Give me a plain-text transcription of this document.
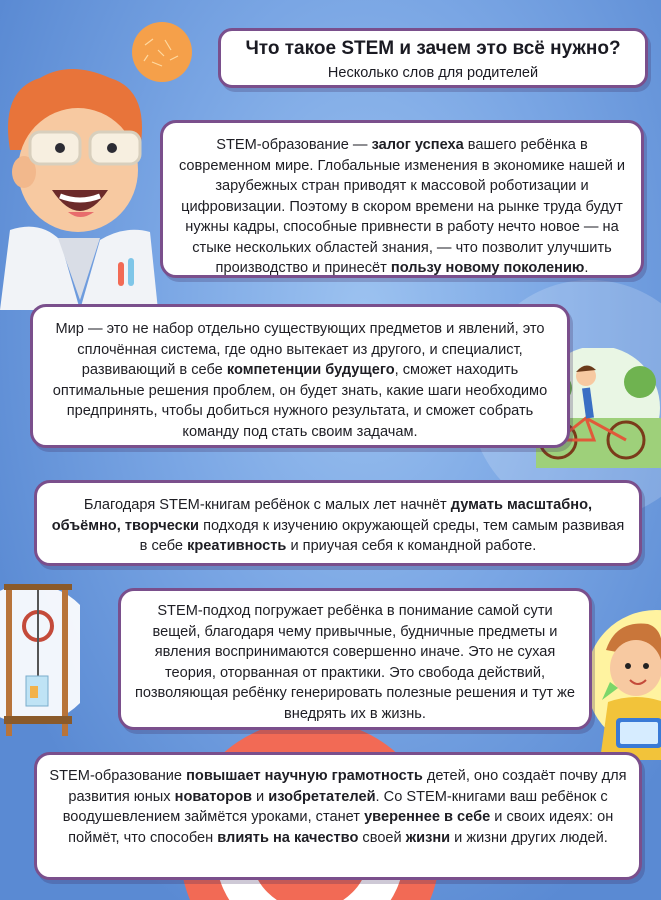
Что такое STEM и зачем это всё нужно?
Несколько слов для родителей
STEM-образование — залог успеха вашего ребёнка в современном мире. Глобальные изменения в экономике нашей и зарубежных стран приводят к массовой роботизации и цифровизации. Поэтому в скором времени на рынке труда будут нужны кадры, способные привнести в работу нечто новое — на стыке нескольких областей знания, — что позволит улучшить производство и принесёт пользу новому поколению.
Мир — это не набор отдельно существующих предметов и явлений, это сплочённая система, где одно вытекает из другого, и специалист, развивающий в себе компетенции будущего, сможет находить оптимальные решения проблем, он будет знать, какие шаги необходимо предпринять, чтобы добиться нужного результата, и сможет собрать команду под стать своим задачам.
Благодаря STEM-книгам ребёнок с малых лет начнёт думать масштабно, объёмно, творчески подходя к изучению окружающей среды, тем самым развивая в себе креативность и приучая себя к командной работе.
STEM-подход погружает ребёнка в понимание самой сути вещей, благодаря чему привычные, будничные предметы и явления воспринимаются совершенно иначе. Это не сухая теория, оторванная от практики. Это свобода действий, позволяющая ребёнку генерировать полезные решения и тут же внедрять их в жизнь.
STEM-образование повышает научную грамотность детей, оно создаёт почву для развития юных новаторов и изобретателей. Со STEM-книгами ваш ребёнок с воодушевлением займётся уроками, станет увереннее в себе и своих идеях: он поймёт, что способен влиять на качество своей жизни и жизни других людей.
